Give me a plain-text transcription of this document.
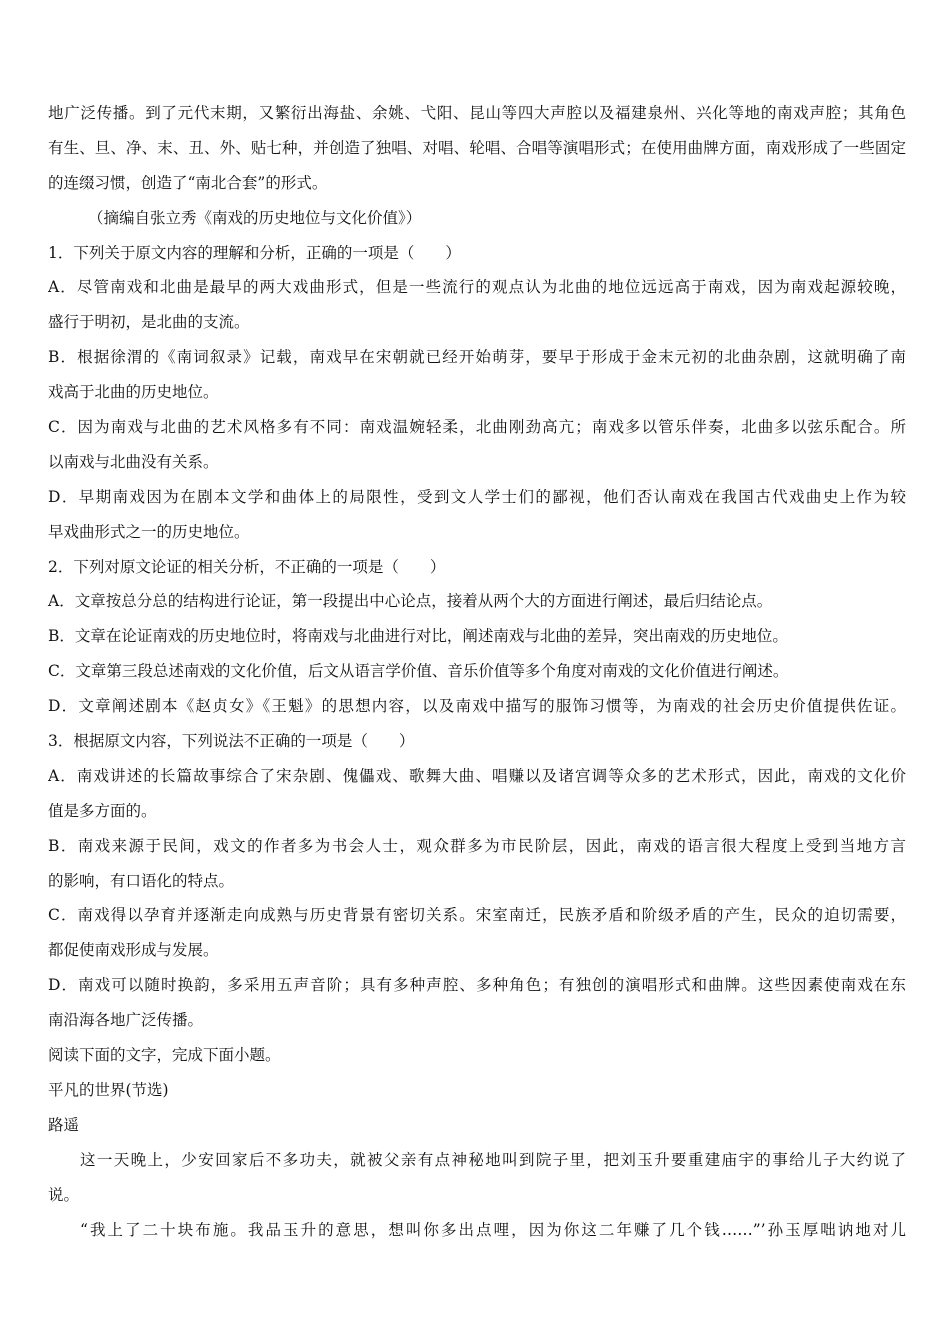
地广泛传播。到了元代末期，又繁衍出海盐、余姚、弋阳、昆山等四大声腔以及福建泉州、兴化等地的南戏声腔；其角色
有生、旦、净、末、丑、外、贴七种，并创造了独唱、对唱、轮唱、合唱等演唱形式；在使用曲牌方面，南戏形成了一些固定
的连缀习惯，创造了“南北合套”的形式。
（摘编自张立秀《南戏的历史地位与文化价值》）
1．下列关于原文内容的理解和分析，正确的一项是（　　）
A．尽管南戏和北曲是最早的两大戏曲形式，但是一些流行的观点认为北曲的地位远远高于南戏，因为南戏起源较晚，
盛行于明初，是北曲的支流。
B．根据徐渭的《南词叙录》记载，南戏早在宋朝就已经开始萌芽，要早于形成于金末元初的北曲杂剧，这就明确了南
戏高于北曲的历史地位。
C．因为南戏与北曲的艺术风格多有不同：南戏温婉轻柔，北曲刚劲高亢；南戏多以管乐伴奏，北曲多以弦乐配合。所
以南戏与北曲没有关系。
D．早期南戏因为在剧本文学和曲体上的局限性，受到文人学士们的鄙视，他们否认南戏在我国古代戏曲史上作为较
早戏曲形式之一的历史地位。
2．下列对原文论证的相关分析，不正确的一项是（　　）
A．文章按总分总的结构进行论证，第一段提出中心论点，接着从两个大的方面进行阐述，最后归结论点。
B．文章在论证南戏的历史地位时，将南戏与北曲进行对比，阐述南戏与北曲的差异，突出南戏的历史地位。
C．文章第三段总述南戏的文化价值，后文从语言学价值、音乐价值等多个角度对南戏的文化价值进行阐述。
D．文章阐述剧本《赵贞女》《王魁》的思想内容，以及南戏中描写的服饰习惯等，为南戏的社会历史价值提供佐证。
3．根据原文内容，下列说法不正确的一项是（　　）
A．南戏讲述的长篇故事综合了宋杂剧、傀儡戏、歌舞大曲、唱赚以及诸宫调等众多的艺术形式，因此，南戏的文化价
值是多方面的。
B．南戏来源于民间，戏文的作者多为书会人士，观众群多为市民阶层，因此，南戏的语言很大程度上受到当地方言
的影响，有口语化的特点。
C．南戏得以孕育并逐渐走向成熟与历史背景有密切关系。宋室南迁，民族矛盾和阶级矛盾的产生，民众的迫切需要，
都促使南戏形成与发展。
D．南戏可以随时换韵，多采用五声音阶；具有多种声腔、多种角色；有独创的演唱形式和曲牌。这些因素使南戏在东
南沿海各地广泛传播。
阅读下面的文字，完成下面小题。
平凡的世界(节选)
路遥
这一天晚上，少安回家后不多功夫，就被父亲有点神秘地叫到院子里，把刘玉升要重建庙宇的事给儿子大约说了
说。
“我上了二十块布施。我品玉升的意思，想叫你多出点哩，因为你这二年赚了几个钱……”’孙玉厚咄讷地对儿
